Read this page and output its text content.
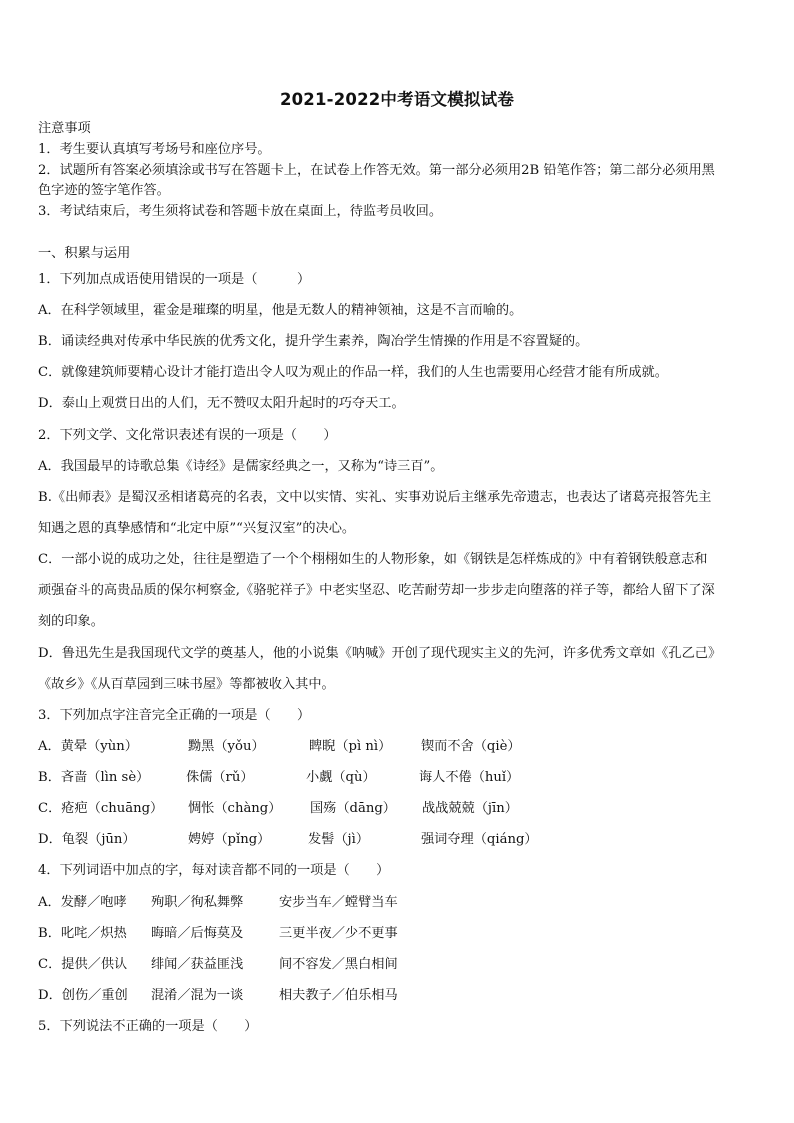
2021-2022中考语文模拟试卷
注意事项
1．考生要认真填写考场号和座位序号。
2．试题所有答案必须填涂或书写在答题卡上，在试卷上作答无效。第一部分必须用2B 铅笔作答；第二部分必须用黑
色字迹的签字笔作答。
3．考试结束后，考生须将试卷和答题卡放在桌面上，待监考员收回。
一、积累与运用
1．下列加点成语使用错误的一项是（　　　）
A．在科学领域里，霍金是璀璨的明星，他是无数人的精神领袖，这是不言而喻的。
B．诵读经典对传承中华民族的优秀文化，提升学生素养，陶冶学生情操的作用是不容置疑的。
C．就像建筑师要精心设计才能打造出令人叹为观止的作品一样，我们的人生也需要用心经营才能有所成就。
D．泰山上观赏日出的人们，无不赞叹太阳升起时的巧夺天工。
2．下列文学、文化常识表述有误的一项是（　　）
A．我国最早的诗歌总集《诗经》是儒家经典之一，又称为“诗三百”。
B.《出师表》是蜀汉丞相诸葛亮的名表，文中以实情、实礼、实事劝说后主继承先帝遗志，也表达了诸葛亮报答先主
知遇之恩的真挚感情和“北定中原”“兴复汉室”的决心。
C．一部小说的成功之处，往往是塑造了一个个栩栩如生的人物形象，如《钢铁是怎样炼成的》中有着钢铁般意志和
顽强奋斗的高贵品质的保尔柯察金,《骆驼祥子》中老实坚忍、吃苦耐劳却一步步走向堕落的祥子等，都给人留下了深
刻的印象。
D．鲁迅先生是我国现代文学的奠基人，他的小说集《呐喊》开创了现代现实主义的先河，许多优秀文章如《孔乙己》
《故乡》《从百草园到三味书屋》等都被收入其中。
3．下列加点字注音完全正确的一项是（　　）
A．黄晕（yùn）	黝黑（yǒu）	睥睨（pì nì） 锲而不舍（qiè）
B．吝啬（lìn sè）	侏儒（rǔ）	小觑（qù）	诲人不倦（huǐ）
C．疮疤（chuāng） 惆怅（chàng） 国殇（dāng） 战战兢兢（jīn）
D．龟裂（jūn）	娉婷（pǐng）	发髻（jì）	强词夺理（qiáng）
4．下列词语中加点的字，每对读音都不同的一项是（　　）
A．发酵／咆哮 殉职／徇私舞弊	安步当车／螳臂当车
B．叱咤／炽热 晦暗／后悔莫及	三更半夜／少不更事
C．提供／供认 绯闻／获益匪浅	间不容发／黑白相间
D．创伤／重创 混淆／混为一谈	相夫教子／伯乐相马
5．下列说法不正确的一项是（　　）
